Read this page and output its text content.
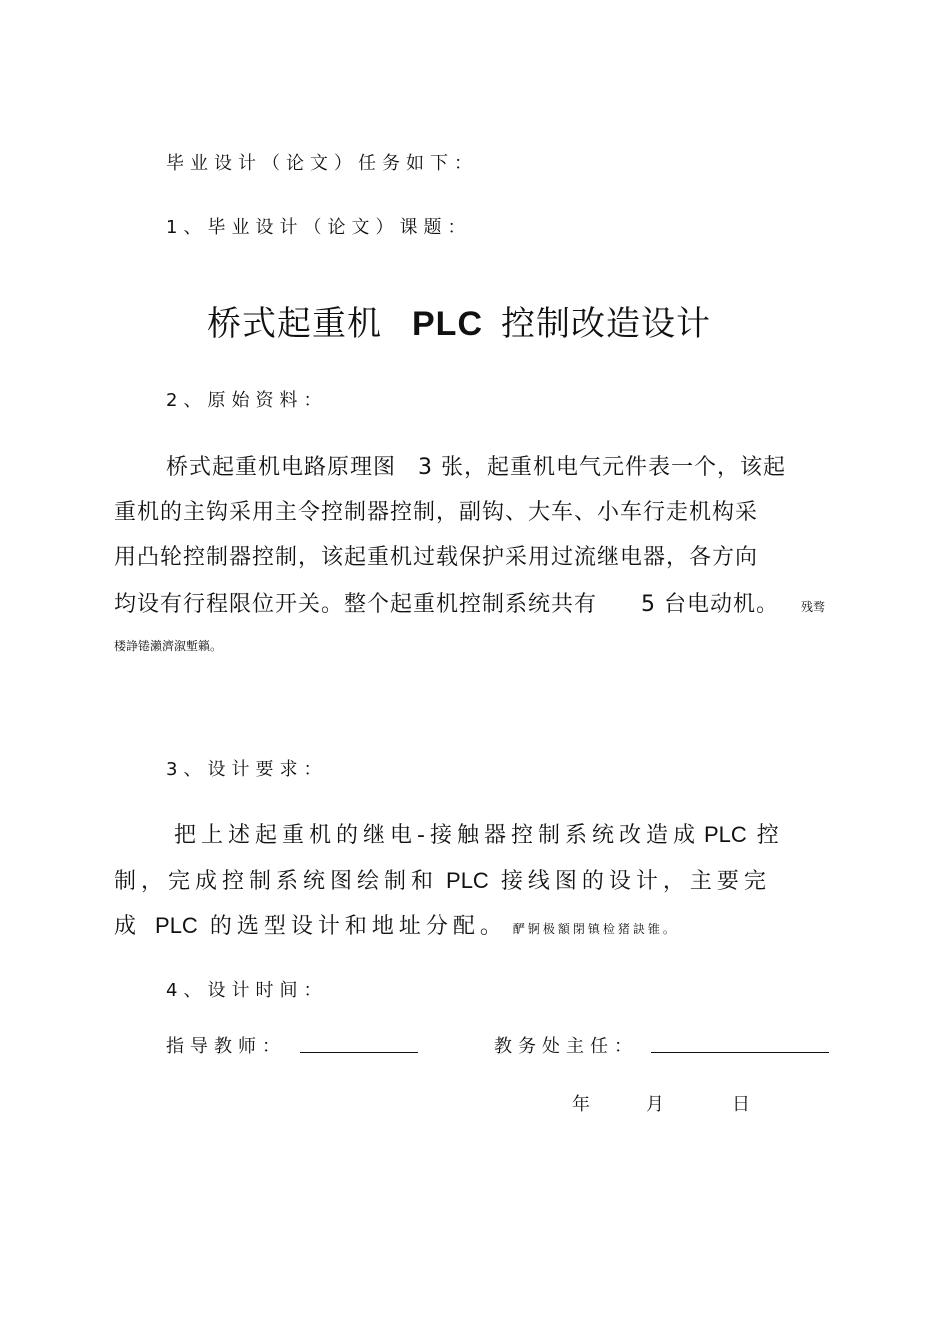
毕业设计（论文）任务如下：
1、毕业设计（论文）课题：
桥式起重机 PLC 控制改造设计
2、原始资料：
桥式起重机电路原理图 3 张，起重机电气元件表一个，该起
重机的主钩采用主令控制器控制，副钩、大车、小车行走机构采
用凸轮控制器控制，该起重机过载保护采用过流继电器，各方向
均设有行程限位开关。整个起重机控制系统共有 5 台电动机。 残骛
楼諍锩瀨濟溆塹籟。
3、设计要求：
把上述起重机的继电-接触器控制系统改造成 PLC 控
制，完成控制系统图绘制和 PLC 接线图的设计，主要完
成 PLC 的选型设计和地址分配。 酽锕极額閉镇检猪訣锥。
4、设计时间：
指导教师：	教务处主任：
年	月	日
